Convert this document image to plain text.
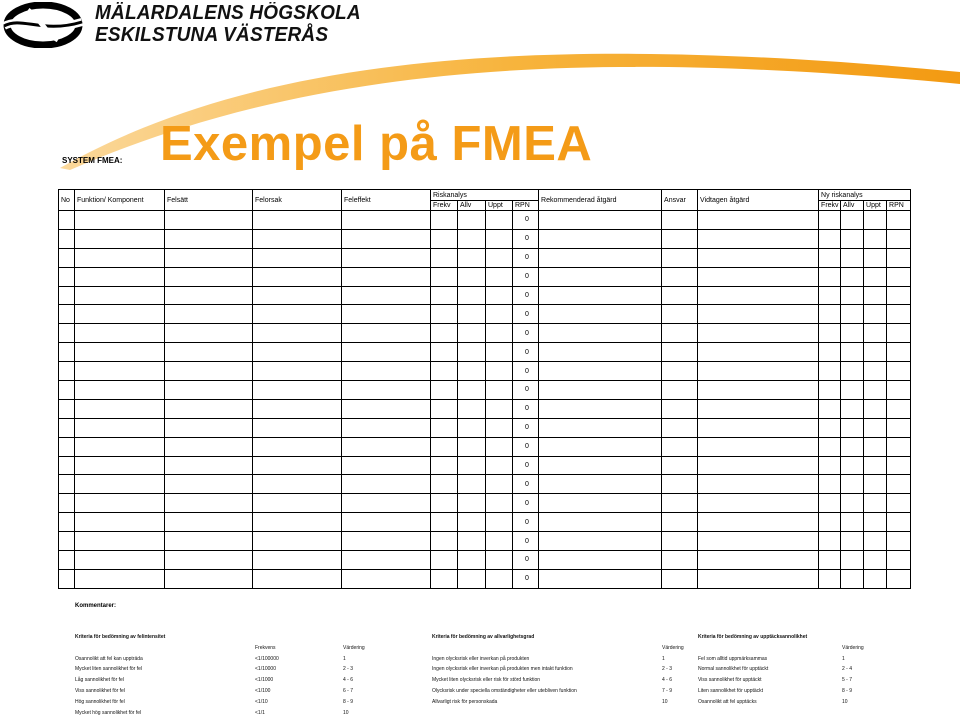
MÄLARDALENS HÖGSKOLA
ESKILSTUNA VÄSTERÅS
Exempel på FMEA
SYSTEM FMEA:
No	Funktion/ Komponent	Felsätt	Felorsak	Feleffekt	Riskanalys				Rekommenderad åtgärd	Ansvar	Vidtagen åtgärd	Ny riskanalys			
					Frekv	Allv	Uppt	RPN				Frekv	Allv	Uppt	RPN
								0							
								0							
								0							
								0							
								0							
								0							
								0							
								0							
								0							
								0							
								0							
								0							
								0							
								0							
								0							
								0							
								0							
								0							
								0							
								0							
Kommentarer:
Kriteria för bedömning av felintensitet
Frekvens	Värdering
Osannolikt att fel kan uppträda	<1/100000	1
Mycket liten sannolikhet för fel	<1/10000	2 - 3
Låg sannolikhet för fel	<1/1000	4 - 6
Viss sannolikhet för fel	<1/100	6 - 7
Hög sannolikhet för fel	<1/10	8 - 9
Mycket hög sannolikhet för fel	<1/1	10
Kriteria för bedömning av allvarlighetsgrad
Värdering
Ingen olycksrisk eller inverkan på produkten	1
Ingen olycksrisk eller inverkan på produkten men intakt funktion	2 - 3
Mycket liten olycksrisk eller risk för störd funktion	4 - 6
Olycksrisk under speciella omständigheter eller utebliven funktion	7 - 9
Allvarligt risk för personskada	10
Kriteria för bedömning av upptäcksannolikhet
Värdering
Fel som alltid uppmärksammas	1
Normal sannolikhet för upptäckt	2 - 4
Viss sannolikhet för upptäckt	5 - 7
Liten sannolikhet för upptäckt	8 - 9
Osannolikt att fel upptäcks	10
